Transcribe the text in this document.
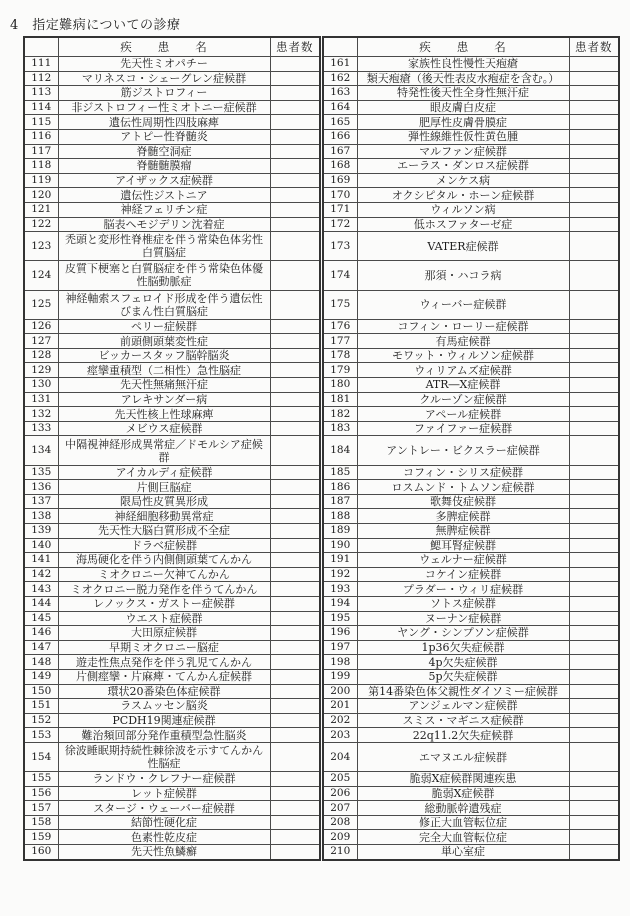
4　指定難病についての診療
	疾　　患　　名	患者数
111	先天性ミオパチー	
112	マリネスコ・シェーグレン症候群	
113	筋ジストロフィー	
114	非ジストロフィー性ミオトニー症候群	
115	遺伝性周期性四肢麻痺	
116	アトピー性脊髄炎	
117	脊髄空洞症	
118	脊髄髄膜瘤	
119	アイザックス症候群	
120	遺伝性ジストニア	
121	神経フェリチン症	
122	脳表ヘモジデリン沈着症	
123	禿頭と変形性脊椎症を伴う常染色体劣性白質脳症	
124	皮質下梗塞と白質脳症を伴う常染色体優性脳動脈症	
125	神経軸索スフェロイド形成を伴う遺伝性びまん性白質脳症	
126	ペリー症候群	
127	前頭側頭葉変性症	
128	ビッカースタッフ脳幹脳炎	
129	痙攣重積型（二相性）急性脳症	
130	先天性無痛無汗症	
131	アレキサンダー病	
132	先天性核上性球麻痺	
133	メビウス症候群	
134	中隔視神経形成異常症／ドモルシア症候群	
135	アイカルディ症候群	
136	片側巨脳症	
137	限局性皮質異形成	
138	神経細胞移動異常症	
139	先天性大脳白質形成不全症	
140	ドラベ症候群	
141	海馬硬化を伴う内側側頭葉てんかん	
142	ミオクロニー欠神てんかん	
143	ミオクロニー脱力発作を伴うてんかん	
144	レノックス・ガストー症候群	
145	ウエスト症候群	
146	大田原症候群	
147	早期ミオクロニー脳症	
148	遊走性焦点発作を伴う乳児てんかん	
149	片側痙攣・片麻痺・てんかん症候群	
150	環状20番染色体症候群	
151	ラスムッセン脳炎	
152	PCDH19関連症候群	
153	難治頻回部分発作重積型急性脳炎	
154	徐波睡眠期持続性棘徐波を示すてんかん性脳症	
155	ランドウ・クレフナー症候群	
156	レット症候群	
157	スタージ・ウェーバー症候群	
158	結節性硬化症	
159	色素性乾皮症	
160	先天性魚鱗癬	
	疾　　患　　名	患者数
161	家族性良性慢性天疱瘡	
162	類天疱瘡（後天性表皮水疱症を含む。）	
163	特発性後天性全身性無汗症	
164	眼皮膚白皮症	
165	肥厚性皮膚骨膜症	
166	弾性線維性仮性黄色腫	
167	マルファン症候群	
168	エーラス・ダンロス症候群	
169	メンケス病	
170	オクシピタル・ホーン症候群	
171	ウィルソン病	
172	低ホスファターゼ症	
173	VATER症候群	
174	那須・ハコラ病	
175	ウィーバー症候群	
176	コフィン・ローリー症候群	
177	有馬症候群	
178	モワット・ウィルソン症候群	
179	ウィリアムズ症候群	
180	ATR―X症候群	
181	クルーゾン症候群	
182	アペール症候群	
183	ファイファー症候群	
184	アントレー・ビクスラー症候群	
185	コフィン・シリス症候群	
186	ロスムンド・トムソン症候群	
187	歌舞伎症候群	
188	多脾症候群	
189	無脾症候群	
190	鰓耳腎症候群	
191	ウェルナー症候群	
192	コケイン症候群	
193	プラダー・ウィリ症候群	
194	ソトス症候群	
195	ヌーナン症候群	
196	ヤング・シンプソン症候群	
197	1p36欠失症候群	
198	4p欠失症候群	
199	5p欠失症候群	
200	第14番染色体父親性ダイソミー症候群	
201	アンジェルマン症候群	
202	スミス・マギニス症候群	
203	22q11.2欠失症候群	
204	エマヌエル症候群	
205	脆弱X症候群関連疾患	
206	脆弱X症候群	
207	総動脈幹遺残症	
208	修正大血管転位症	
209	完全大血管転位症	
210	単心室症	
